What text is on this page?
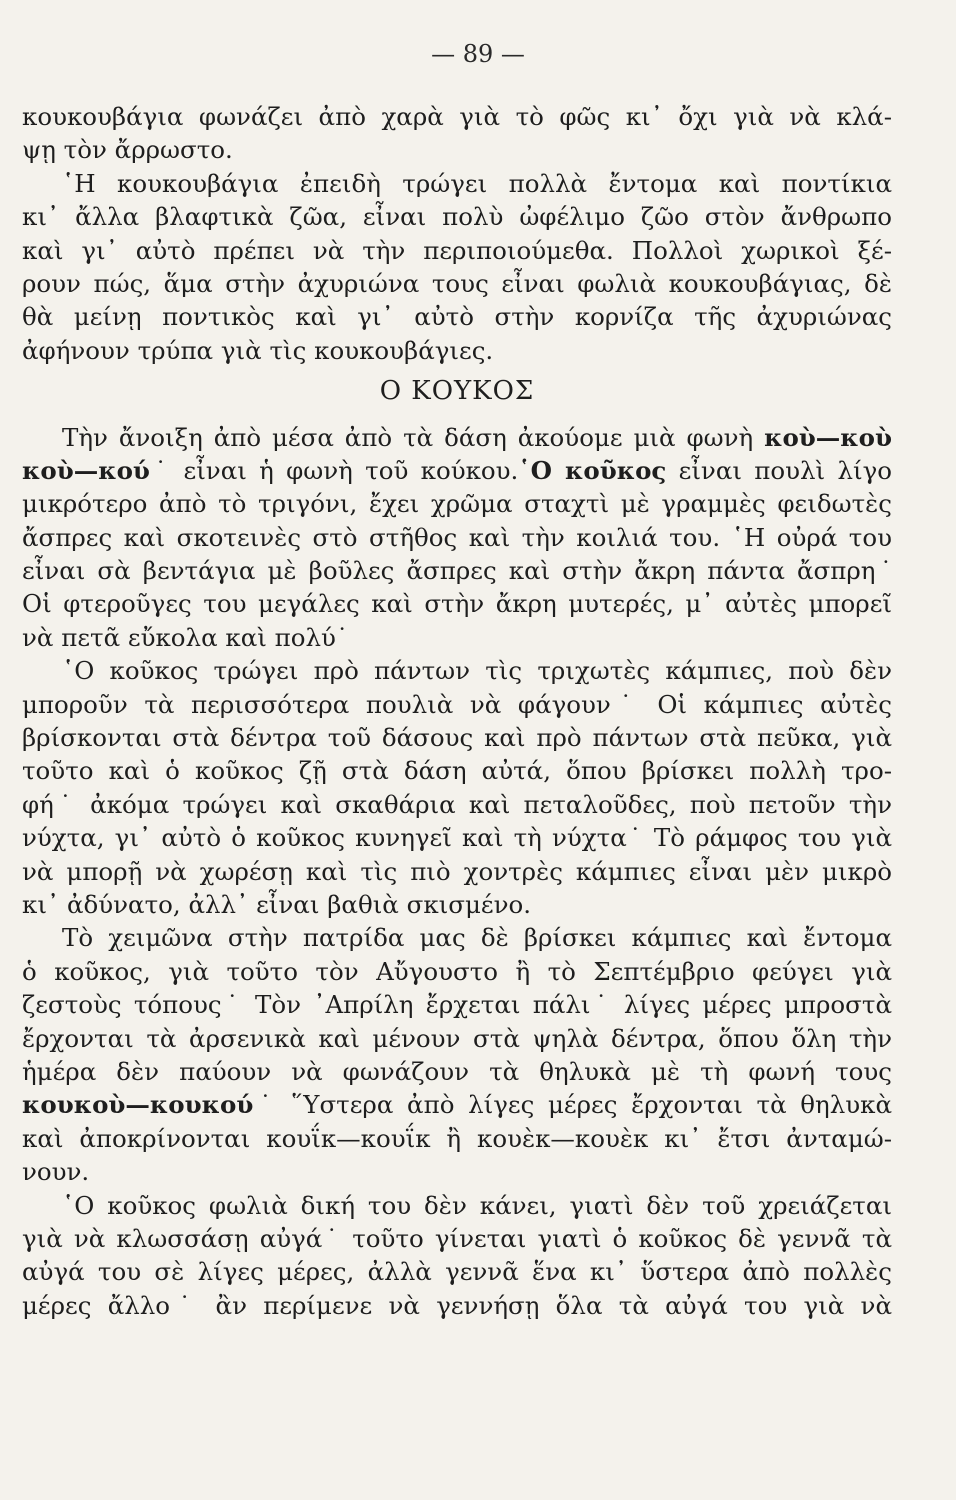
— 89 —
κουκουβάγια φωνάζει ἀπὸ χαρὰ γιὰ τὸ φῶς κι᾽ ὄχι γιὰ νὰ κλά-
ψῃ τὸν ἄρρωστο.
῾Η κουκουβάγια ἐπειδὴ τρώγει πολλὰ ἔντομα καὶ ποντίκια
κι᾽ ἄλλα βλαφτικὰ ζῶα, εἶναι πολὺ ὠφέλιμο ζῶο στὸν ἄνθρωπο
καὶ γι᾽ αὐτὸ πρέπει νὰ τὴν περιποιούμεθα. Πολλοὶ χωρικοὶ ξέ-
ρουν πώς, ἅμα στὴν ἀχυριώνα τους εἶναι φωλιὰ κουκουβάγιας, δὲ
θὰ μείνῃ ποντικὸς καὶ γι᾽ αὐτὸ στὴν κορνίζα τῆς ἀχυριώνας
ἀφήνουν τρύπα γιὰ τὶς κουκουβάγιες.
Ο ΚΟΥΚΟΣ
Τὴν ἄνοιξη ἀπὸ μέσα ἀπὸ τὰ δάση ἀκούομε μιὰ φωνὴ κοὺ—κοὺ
κοὺ—κού˙ εἶναι ἡ φωνὴ τοῦ κούκου.῾Ο κοῦκος εἶναι πουλὶ λίγο
μικρότερο ἀπὸ τὸ τριγόνι, ἔχει χρῶμα σταχτὶ μὲ γραμμὲς φειδωτὲς
ἄσπρες καὶ σκοτεινὲς στὸ στῆθος καὶ τὴν κοιλιά του. ῾Η οὐρά του
εἶναι σὰ βεντάγια μὲ βοῦλες ἄσπρες καὶ στὴν ἄκρη πάντα ἄσπρη˙
Οἱ φτεροῦγες του μεγάλες καὶ στὴν ἄκρη μυτερές, μ᾽ αὐτὲς μπορεῖ
νὰ πετᾶ εὔκολα καὶ πολύ˙
῾Ο κοῦκος τρώγει πρὸ πάντων τὶς τριχωτὲς κάμπιες, ποὺ δὲν
μποροῦν τὰ περισσότερα πουλιὰ νὰ φάγουν˙ Οἱ κάμπιες αὐτὲς
βρίσκονται στὰ δέντρα τοῦ δάσους καὶ πρὸ πάντων στὰ πεῦκα, γιὰ
τοῦτο καὶ ὁ κοῦκος ζῇ στὰ δάση αὐτά, ὅπου βρίσκει πολλὴ τρο-
φή˙ ἀκόμα τρώγει καὶ σκαθάρια καὶ πεταλοῦδες, ποὺ πετοῦν τὴν
νύχτα, γι᾽ αὐτὸ ὁ κοῦκος κυνηγεῖ καὶ τὴ νύχτα˙ Τὸ ράμφος του γιὰ
νὰ μπορῇ νὰ χωρέσῃ καὶ τὶς πιὸ χοντρὲς κάμπιες εἶναι μὲν μικρὸ
κι᾽ ἀδύνατο, ἀλλ᾽ εἶναι βαθιὰ σκισμένο.
Τὸ χειμῶνα στὴν πατρίδα μας δὲ βρίσκει κάμπιες καὶ ἔντομα
ὁ κοῦκος, γιὰ τοῦτο τὸν Αὔγουστο ἢ τὸ Σεπτέμβριο φεύγει γιὰ
ζεστοὺς τόπους˙ Τὸν ᾿Απρίλη ἔρχεται πάλι˙ λίγες μέρες μπροστὰ
ἔρχονται τὰ ἀρσενικὰ καὶ μένουν στὰ ψηλὰ δέντρα, ὅπου ὅλη τὴν
ἡμέρα δὲν παύουν νὰ φωνάζουν τὰ θηλυκὰ μὲ τὴ φωνή τους
κουκοὺ—κουκού˙ ῞Υστερα ἀπὸ λίγες μέρες ἔρχονται τὰ θηλυκὰ
καὶ ἀποκρίνονται κουΐκ—κουΐκ ἢ κουὲκ—κουὲκ κι᾽ ἔτσι ἀνταμώ-
νουν.
῾Ο κοῦκος φωλιὰ δική του δὲν κάνει, γιατὶ δὲν τοῦ χρειάζεται
γιὰ νὰ κλωσσάσῃ αὐγά˙ τοῦτο γίνεται γιατὶ ὁ κοῦκος δὲ γεννᾶ τὰ
αὐγά του σὲ λίγες μέρες, ἀλλὰ γεννᾶ ἕνα κι᾽ ὕστερα ἀπὸ πολλὲς
μέρες ἄλλο˙ ἂν περίμενε νὰ γεννήσῃ ὅλα τὰ αὐγά του γιὰ νὰ
